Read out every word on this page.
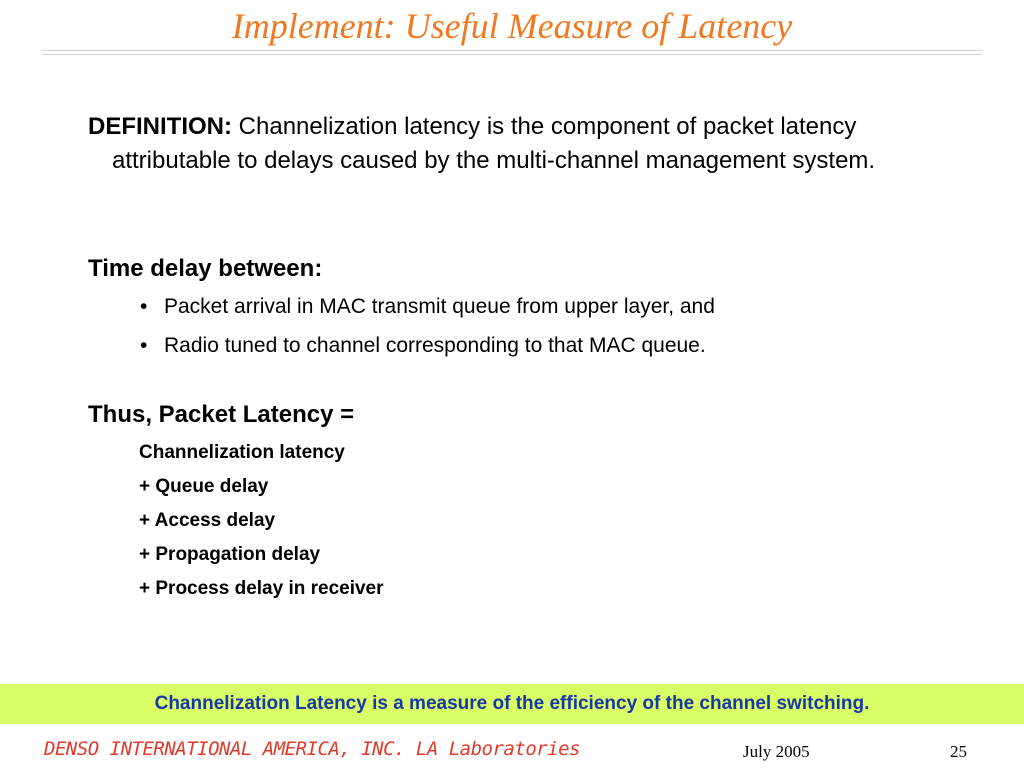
Implement: Useful Measure of Latency
DEFINITION: Channelization latency is the component of packet latency attributable to delays caused by the multi-channel management system.
Time delay between:
• Packet arrival in MAC transmit queue from upper layer, and
• Radio tuned to channel corresponding to that MAC queue.
Thus, Packet Latency =
Channelization latency
+ Queue delay
+ Access delay
+ Propagation delay
+ Process delay in receiver
Channelization Latency is a measure of the efficiency of the channel switching.
DENSO INTERNATIONAL AMERICA, INC. LA Laboratories	July 2005	25
